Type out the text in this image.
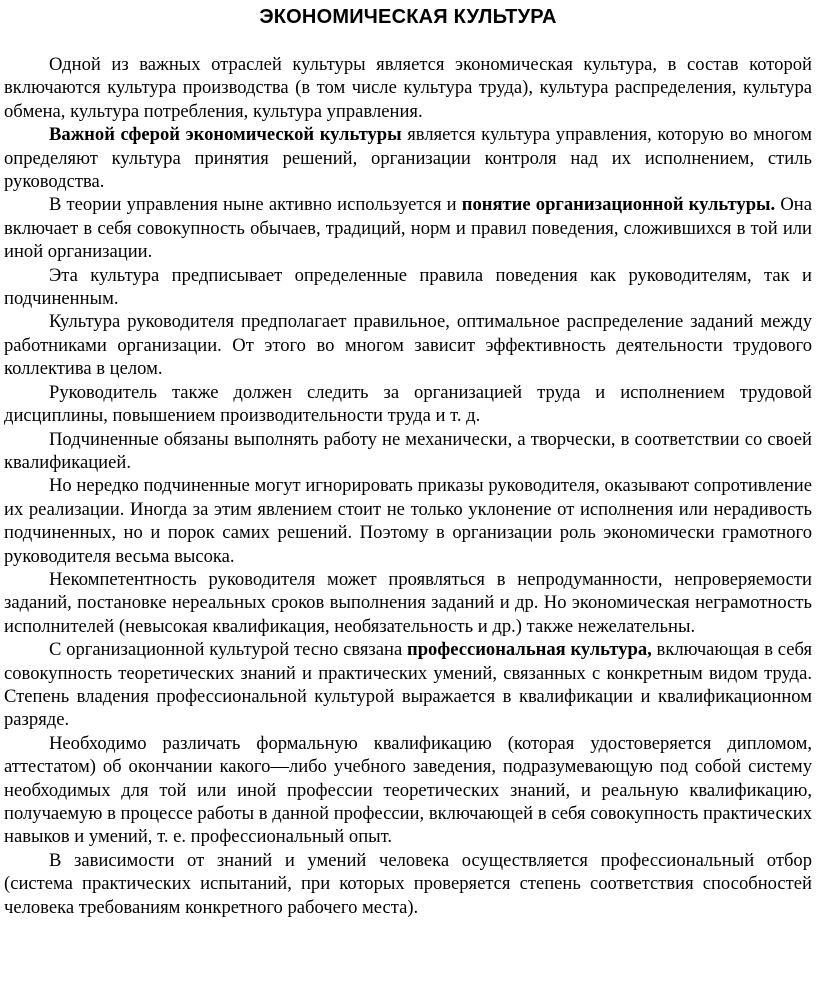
ЭКОНОМИЧЕСКАЯ КУЛЬТУРА

Одной из важных отраслей культуры является экономическая культура, в состав которой включаются культура производства (в том числе культура труда), культура распределения, культура обмена, культура потребления, культура управления.

Важной сферой экономической культуры является культура управления, которую во многом определяют культура принятия решений, организации контроля над их исполнением, стиль руководства.

В теории управления ныне активно используется и понятие организационной культуры. Она включает в себя совокупность обычаев, традиций, норм и правил поведения, сложившихся в той или иной организации.

Эта культура предписывает определенные правила поведения как руководителям, так и подчиненным.

Культура руководителя предполагает правильное, оптимальное распределение заданий между работниками организации. От этого во многом зависит эффективность деятельности трудового коллектива в целом.

Руководитель также должен следить за организацией труда и исполнением трудовой дисциплины, повышением производительности труда и т. д.

Подчиненные обязаны выполнять работу не механически, а творчески, в соответствии со своей квалификацией.

Но нередко подчиненные могут игнорировать приказы руководителя, оказывают сопротивление их реализации. Иногда за этим явлением стоит не только уклонение от исполнения или нерадивость подчиненных, но и порок самих решений. Поэтому в организации роль экономически грамотного руководителя весьма высока.

Некомпетентность руководителя может проявляться в непродуманности, непроверяемости заданий, постановке нереальных сроков выполнения заданий и др. Но экономическая неграмотность исполнителей (невысокая квалификация, необязательность и др.) также нежелательны.

С организационной культурой тесно связана профессиональная культура, включающая в себя совокупность теоретических знаний и практических умений, связанных с конкретным видом труда. Степень владения профессиональной культурой выражается в квалификации и квалификационном разряде.

Необходимо различать формальную квалификацию (которая удостоверяется дипломом, аттестатом) об окончании какого—либо учебного заведения, подразумевающую под собой систему необходимых для той или иной профессии теоретических знаний, и реальную квалификацию, получаемую в процессе работы в данной профессии, включающей в себя совокупность практических навыков и умений, т. е. профессиональный опыт.

В зависимости от знаний и умений человека осуществляется профессиональный отбор (система практических испытаний, при которых проверяется степень соответствия способностей человека требованиям конкретного рабочего места).
